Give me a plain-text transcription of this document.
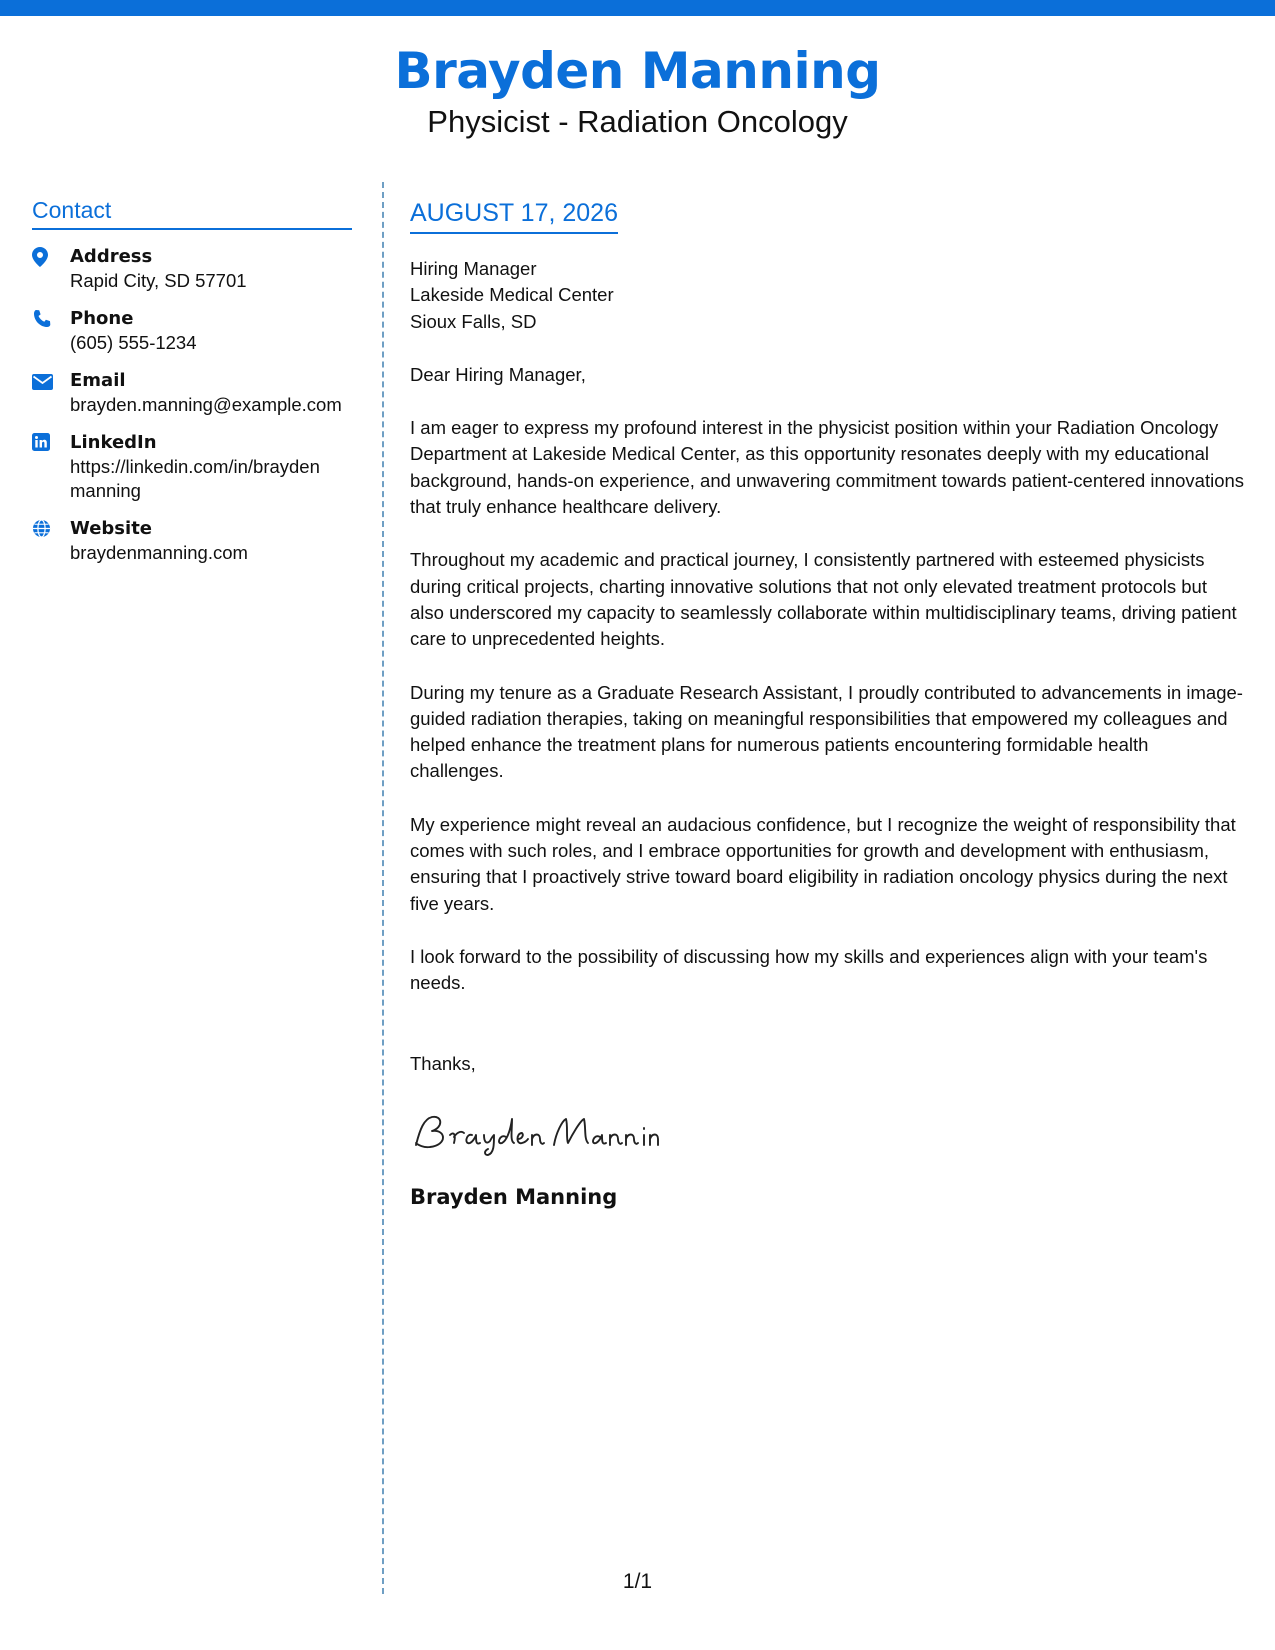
Brayden Manning
Physicist - Radiation Oncology
Contact
Address
Rapid City, SD 57701
Phone
(605) 555-1234
Email
brayden.manning@example.com
LinkedIn
https://linkedin.com/in/brayden
manning
Website
braydenmanning.com
AUGUST 17, 2026
Hiring Manager
Lakeside Medical Center
Sioux Falls, SD
Dear Hiring Manager,
I am eager to express my profound interest in the physicist position within your Radiation Oncology Department at Lakeside Medical Center, as this opportunity resonates deeply with my educational background, hands-on experience, and unwavering commitment towards patient-centered innovations that truly enhance healthcare delivery.
Throughout my academic and practical journey, I consistently partnered with esteemed physicists during critical projects, charting innovative solutions that not only elevated treatment protocols but also underscored my capacity to seamlessly collaborate within multidisciplinary teams, driving patient care to unprecedented heights.
During my tenure as a Graduate Research Assistant, I proudly contributed to advancements in image-guided radiation therapies, taking on meaningful responsibilities that empowered my colleagues and helped enhance the treatment plans for numerous patients encountering formidable health challenges.
My experience might reveal an audacious confidence, but I recognize the weight of responsibility that comes with such roles, and I embrace opportunities for growth and development with enthusiasm, ensuring that I proactively strive toward board eligibility in radiation oncology physics during the next five years.
I look forward to the possibility of discussing how my skills and experiences align with your team's needs.
Thanks,
Brayden Manning
1/1
